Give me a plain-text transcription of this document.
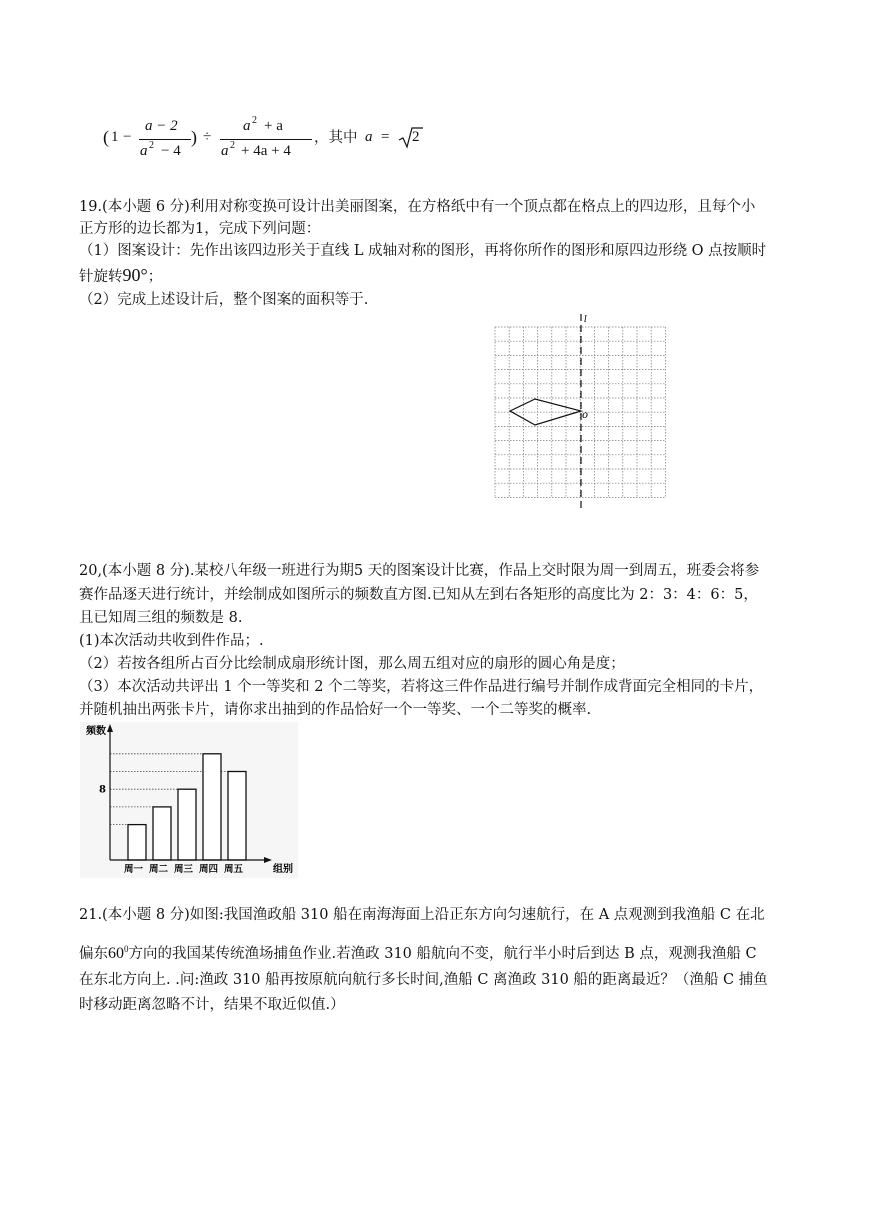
( 1 −
a − 2
a 2 − 4
) ÷
a 2 + a
a 2 + 4a + 4
，其中 a = 2
19.(本小题 6 分)利用对称变换可设计出美丽图案，在方格纸中有一个顶点都在格点上的四边形，且每个小
正方形的边长都为1，完成下列问题：
（1）图案设计：先作出该四边形关于直线 L 成轴对称的图形，再将你所作的图形和原四边形绕 O 点按顺时
针旋转90°；
（2）完成上述设计后，整个图案的面积等于.
l
o
20,(本小题 8 分).某校八年级一班进行为期5 天的图案设计比赛，作品上交时限为周一到周五，班委会将参
赛作品逐天进行统计，并绘制成如图所示的频数直方图.已知从左到右各矩形的高度比为 2：3：4：6：5，
且已知周三组的频数是 8.
(1)本次活动共收到件作品；.
（2）若按各组所占百分比绘制成扇形统计图，那么周五组对应的扇形的圆心角是度；
（3）本次活动共评出 1 个一等奖和 2 个二等奖，若将这三件作品进行编号并制作成背面完全相同的卡片，
并随机抽出两张卡片，请你求出抽到的作品恰好一个一等奖、一个二等奖的概率.
频数
8
组别
周一 周二 周三 周四 周五
21.(本小题 8 分)如图:我国渔政船 310 船在南海海面上沿正东方向匀速航行，在 A 点观测到我渔船 C 在北
偏东$60^0$方向的我国某传统渔场捕鱼作业.若渔政 310 船航向不变，航行半小时后到达 B 点，观测我渔船 C
在东北方向上. .问:渔政 310 船再按原航向航行多长时间,渔船 C 离渔政 310 船的距离最近？（渔船 C 捕鱼
时移动距离忽略不计，结果不取近似值.）
